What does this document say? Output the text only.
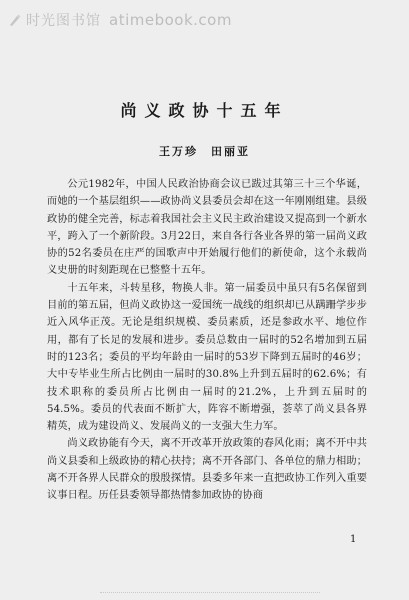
时光图书馆 atimebook.com
尚义政协十五年
王万珍　田丽亚

公元1982年，中国人民政治协商会议已跋过其第三十三个华诞，而她的一个基层组织——政协尚义县委员会却在这一年刚刚组建。县级政协的健全完善，标志着我国社会主义民主政治建设又提高到一个新水平，跨入了一个新阶段。3月22日，来自各行各业各界的第一届尚义政协的52名委员在庄严的国歌声中开始履行他们的新使命，这个永载尚义史册的时刻距现在已整整十五年。

十五年来，斗转星移，物换人非。第一届委员中虽只有5名保留到目前的第五届，但尚义政协这一爱国统一战线的组织却已从蹒跚学步步近入风华正茂。无论是组织规模、委员素质，还是参政水平、地位作用，都有了长足的发展和进步。委员总数由一届时的52名增加到五届时的123名；委员的平均年龄由一届时的53岁下降到五届时的46岁；大中专毕业生所占比例由一届时的30.8%上升到五届时的62.6%；有技术职称的委员所占比例由一届时的21.2%，上升到五届时的54.5%。委员的代表面不断扩大，阵容不断增强，荟萃了尚义县各界精英，成为建设尚义、发展尚义的一支强大生力军。

尚义政协能有今天，离不开改革开放政策的春风化雨；离不开中共尚义县委和上级政协的精心扶持；离不开各部门、各单位的鼎力相助；离不开各界人民群众的殷殷探情。县委多年来一直把政协工作列入重要议事日程。历任县委领导都热情参加政协的协商

1
